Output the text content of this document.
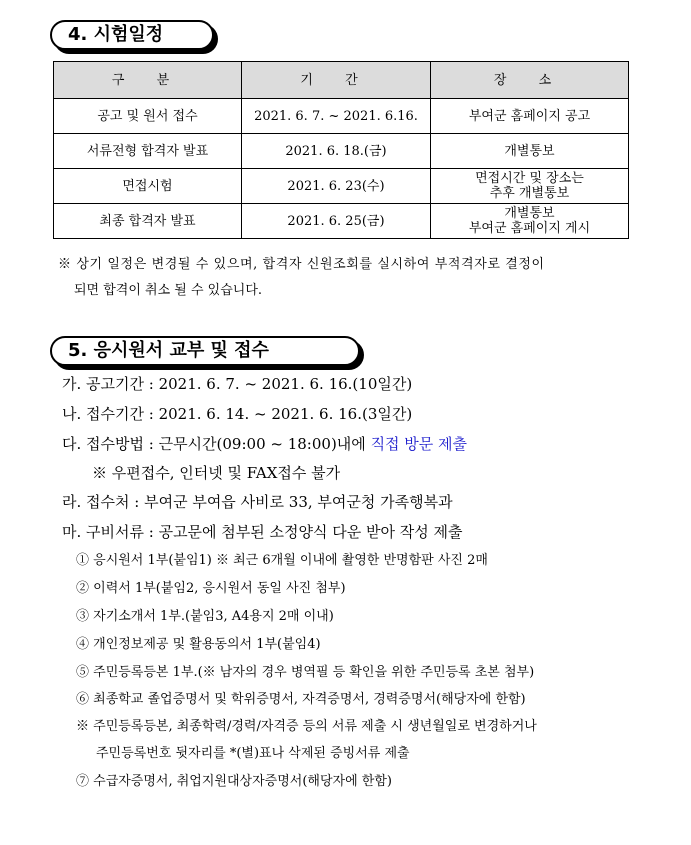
4. 시험일정
구 분	기 간	장 소
공고 및 원서 접수	2021. 6. 7. ~ 2021. 6.16.	부여군 홈페이지 공고

서류전형 합격자 발표	2021. 6. 18.(금)	개별통보

면접시험	2021. 6. 23(수)	면접시간 및 장소는
추후 개별통보

최종 합격자 발표	2021. 6. 25(금)	개별통보
부여군 홈페이지 게시
※ 상기 일정은 변경될 수 있으며, 합격자 신원조회를 실시하여 부적격자로 결정이
되면 합격이 취소 될 수 있습니다.
5. 응시원서 교부 및 접수
가. 공고기간 : 2021. 6. 7. ~ 2021. 6. 16.(10일간)
나. 접수기간 : 2021. 6. 14. ~ 2021. 6. 16.(3일간)
다. 접수방법 : 근무시간(09:00 ~ 18:00)내에 직접 방문 제출
※ 우편접수, 인터넷 및 FAX접수 불가
라. 접수처 : 부여군 부여읍 사비로 33, 부여군청 가족행복과
마. 구비서류 : 공고문에 첨부된 소정양식 다운 받아 작성 제출
① 응시원서 1부(붙임1) ※ 최근 6개월 이내에 촬영한 반명함판 사진 2매
② 이력서 1부(붙임2, 응시원서 동일 사진 첨부)
③ 자기소개서 1부.(붙임3, A4용지 2매 이내)
④ 개인정보제공 및 활용동의서 1부(붙임4)
⑤ 주민등록등본 1부.(※ 남자의 경우 병역필 등 확인을 위한 주민등록 초본 첨부)
⑥ 최종학교 졸업증명서 및 학위증명서, 자격증명서, 경력증명서(해당자에 한함)
※ 주민등록등본, 최종학력/경력/자격증 등의 서류 제출 시 생년월일로 변경하거나
주민등록번호 뒷자리를 *(별)표나 삭제된 증빙서류 제출
⑦ 수급자증명서, 취업지원대상자증명서(해당자에 한함)
